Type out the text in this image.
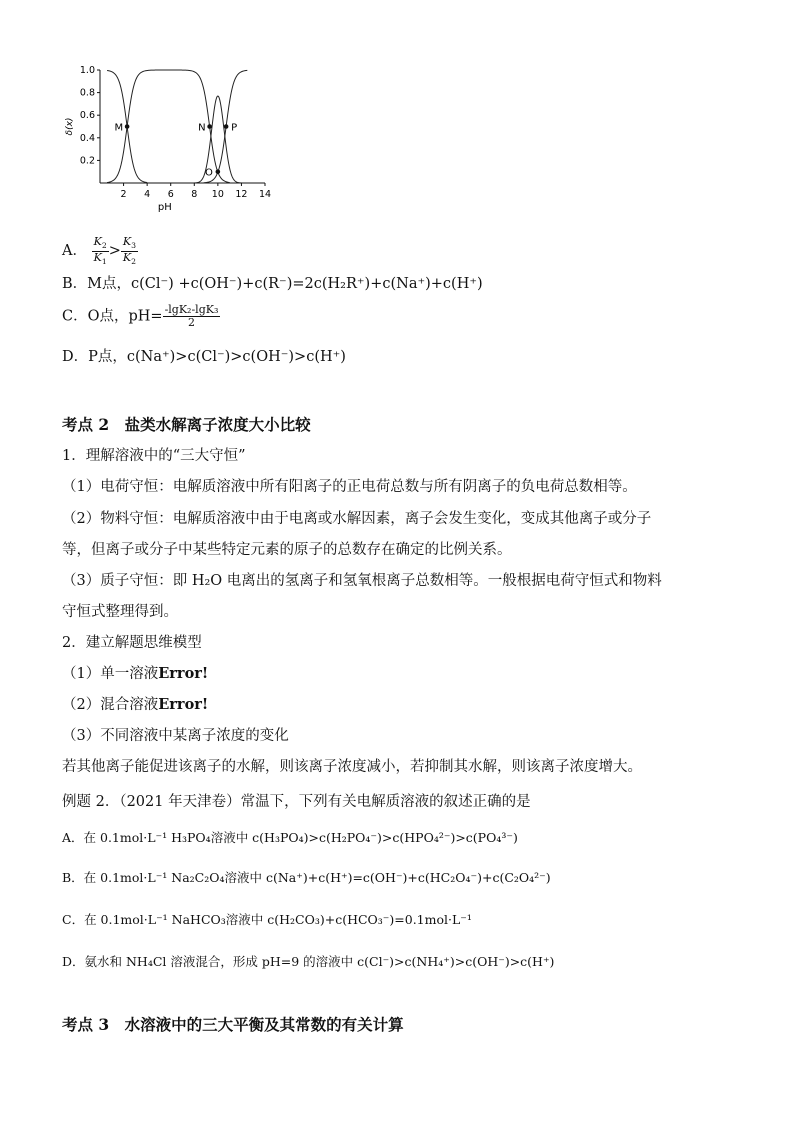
δ(x)
pH
2 4 6 8 10 12 14
0.2
0.4
0.6
0.8
1.0
M	N
O
P
A． $\frac{K_2}{K_1} > \frac{K_3}{K_2}$
B．M点，c(Cl⁻) +c(OH⁻)+c(R⁻)=2c(H₂R⁺)+c(Na⁺)+c(H⁺)
C．O点，$pH= \frac{\text{-lgK₂-lgK₃}}{2}$
D．P点，c(Na⁺)>c(Cl⁻)>c(OH⁻)>c(H⁺)
考点 2　盐类水解离子浓度大小比较
1．理解溶液中的“三大守恒”
（1）电荷守恒：电解质溶液中所有阳离子的正电荷总数与所有阴离子的负电荷总数相等。
（2）物料守恒：电解质溶液中由于电离或水解因素，离子会发生变化，变成其他离子或分子
等，但离子或分子中某些特定元素的原子的总数存在确定的比例关系。
（3）质子守恒：即 H₂O 电离出的氢离子和氢氧根离子总数相等。一般根据电荷守恒式和物料
守恒式整理得到。
2．建立解题思维模型
（1）单一溶液Error!
（2）混合溶液Error!
（3）不同溶液中某离子浓度的变化
若其他离子能促进该离子的水解，则该离子浓度减小，若抑制其水解，则该离子浓度增大。
例题 2．（2021 年天津卷）常温下，下列有关电解质溶液的叙述正确的是
A．在 0.1mol·L⁻¹ H₃PO₄溶液中 c(H₃PO₄)>c(H₂PO₄⁻)>c(HPO₄²⁻)>c(PO₄³⁻)
B．在 0.1mol·L⁻¹ Na₂C₂O₄溶液中 c(Na⁺)+c(H⁺)=c(OH⁻)+c(HC₂O₄⁻)+c(C₂O₄²⁻)
C．在 0.1mol·L⁻¹ NaHCO₃溶液中 c(H₂CO₃)+c(HCO₃⁻)=0.1mol·L⁻¹
D．氨水和 NH₄Cl 溶液混合，形成 pH=9 的溶液中 c(Cl⁻)>c(NH₄⁺)>c(OH⁻)>c(H⁺)
考点 3　水溶液中的三大平衡及其常数的有关计算
